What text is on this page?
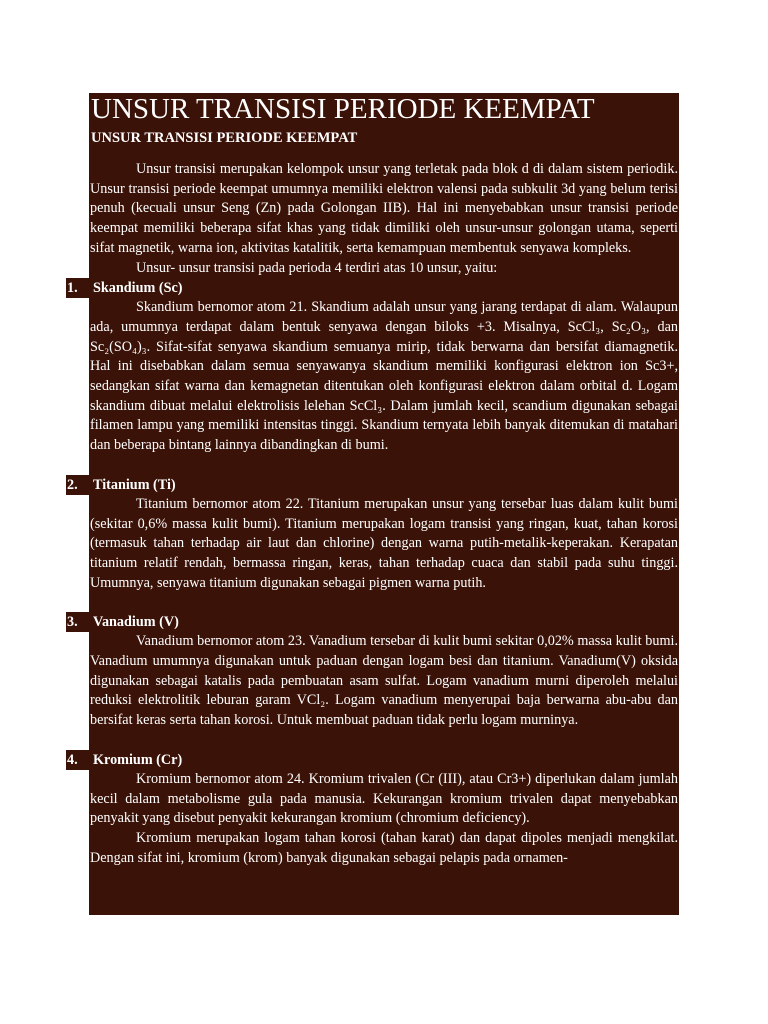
UNSUR TRANSISI PERIODE KEEMPAT
UNSUR TRANSISI PERIODE KEEMPAT

Unsur transisi merupakan kelompok unsur yang terletak pada blok d di dalam sistem periodik. Unsur transisi periode keempat umumnya memiliki elektron valensi pada subkulit 3d yang belum terisi penuh (kecuali unsur Seng (Zn) pada Golongan IIB). Hal ini menyebabkan unsur transisi periode keempat memiliki beberapa sifat khas yang tidak dimiliki oleh unsur-unsur golongan utama, seperti sifat magnetik, warna ion, aktivitas katalitik, serta kemampuan membentuk senyawa kompleks.

Unsur- unsur transisi pada perioda 4 terdiri atas 10 unsur, yaitu:

1.	Skandium (Sc)

Skandium bernomor atom 21. Skandium adalah unsur yang jarang terdapat di alam. Walaupun ada, umumnya terdapat dalam bentuk senyawa dengan biloks +3. Misalnya, ScCl₃, Sc₂O₃, dan Sc₂(SO₄)₃. Sifat-sifat senyawa skandium semuanya mirip, tidak berwarna dan bersifat diamagnetik. Hal ini disebabkan dalam semua senyawanya skandium memiliki konfigurasi elektron ion Sc3+, sedangkan sifat warna dan kemagnetan ditentukan oleh konfigurasi elektron dalam orbital d. Logam skandium dibuat melalui elektrolisis lelehan ScCl₃. Dalam jumlah kecil, scandium digunakan sebagai filamen lampu yang memiliki intensitas tinggi. Skandium ternyata lebih banyak ditemukan di matahari dan beberapa bintang lainnya dibandingkan di bumi.

2.	Titanium (Ti)

Titanium bernomor atom 22. Titanium merupakan unsur yang tersebar luas dalam kulit bumi (sekitar 0,6% massa kulit bumi). Titanium merupakan logam transisi yang ringan, kuat, tahan korosi (termasuk tahan terhadap air laut dan chlorine) dengan warna putih-metalik-keperakan. Kerapatan titanium relatif rendah, bermassa ringan, keras, tahan terhadap cuaca dan stabil pada suhu tinggi. Umumnya, senyawa titanium digunakan sebagai pigmen warna putih.

3.	Vanadium (V)

Vanadium bernomor atom 23. Vanadium tersebar di kulit bumi sekitar 0,02% massa kulit bumi. Vanadium umumnya digunakan untuk paduan dengan logam besi dan titanium. Vanadium(V) oksida digunakan sebagai katalis pada pembuatan asam sulfat. Logam vanadium murni diperoleh melalui reduksi elektrolitik leburan garam VCl₂. Logam vanadium menyerupai baja berwarna abu-abu dan bersifat keras serta tahan korosi. Untuk membuat paduan tidak perlu logam murninya.

4.	Kromium (Cr)

Kromium bernomor atom 24. Kromium trivalen (Cr (III), atau Cr3+) diperlukan dalam jumlah kecil dalam metabolisme gula pada manusia. Kekurangan kromium trivalen dapat menyebabkan penyakit yang disebut penyakit kekurangan kromium (chromium deficiency).

Kromium merupakan logam tahan korosi (tahan karat) dan dapat dipoles menjadi mengkilat. Dengan sifat ini, kromium (krom) banyak digunakan sebagai pelapis pada ornamen-
